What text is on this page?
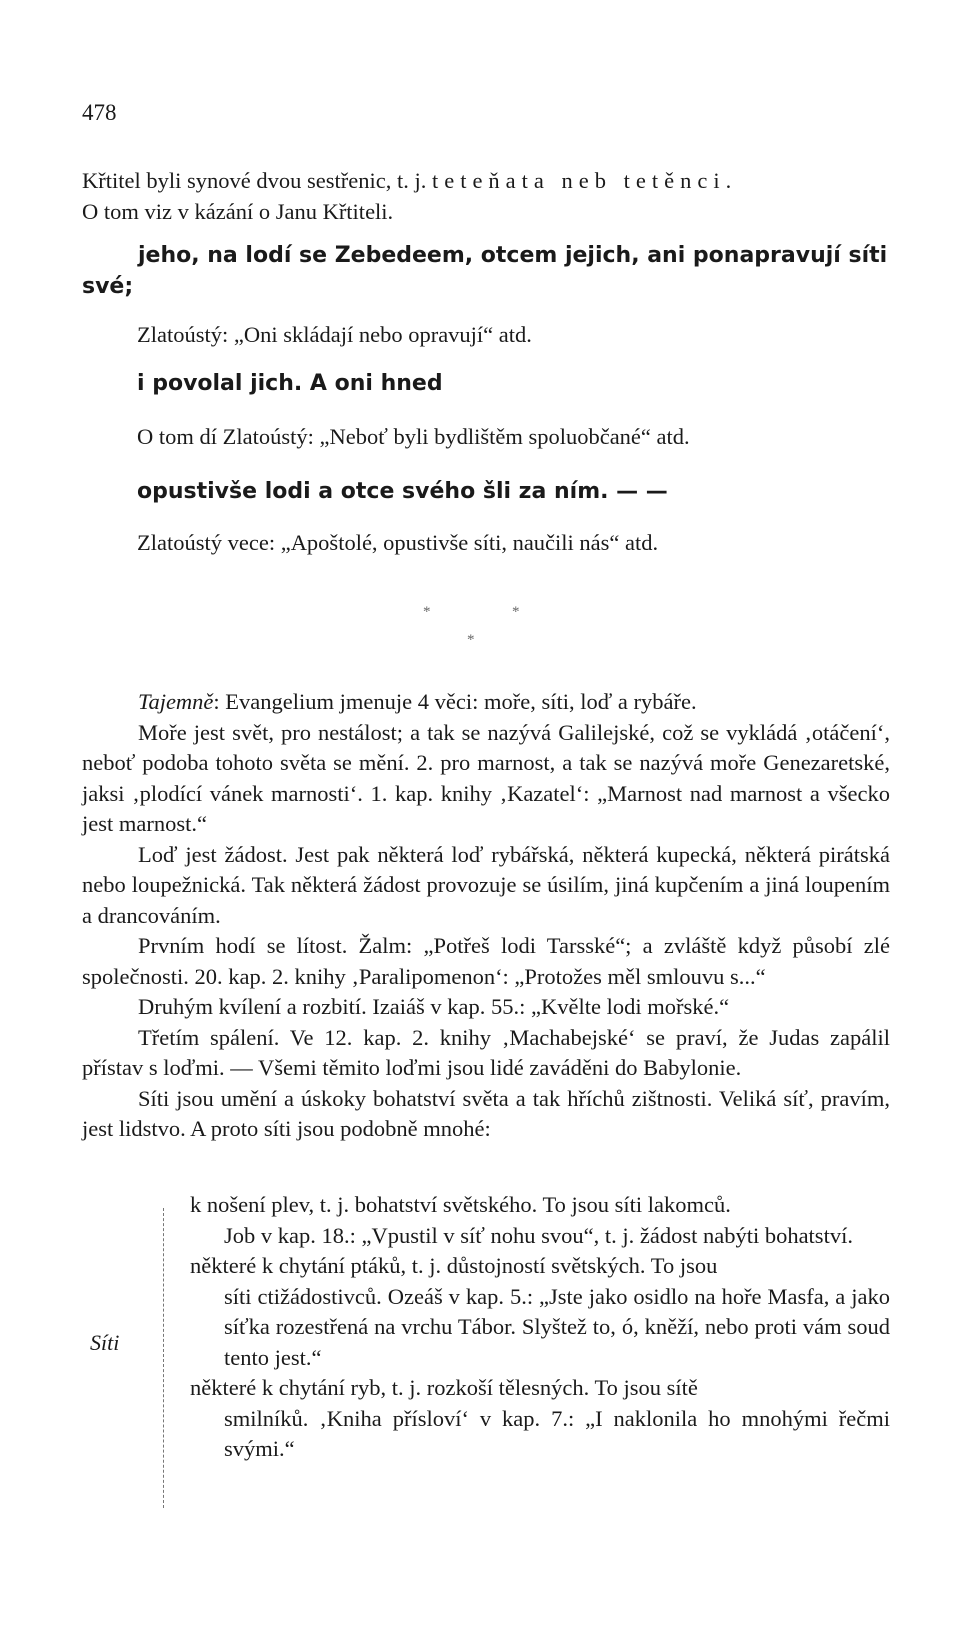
478
Křtitel byli synové dvou sestřenic, t. j. teteňata neb tetěnci.
O tom viz v kázání o Janu Křtiteli.
jeho, na lodí se Zebedeem, otcem jejich, ani ponapravují síti své;
Zlatoústý: „Oni skládají nebo opravují“ atd.
i povolal jich. A oni hned
O tom dí Zlatoústý: „Neboť byli bydlištěm spoluobčané“ atd.
opustivše lodi a otce svého šli za ním. — —
Zlatoústý vece: „Apoštolé, opustivše síti, naučili nás“ atd.
*	*
*

Tajemně: Evangelium jmenuje 4 věci: moře, síti, loď a rybáře.

Moře jest svět, pro nestálost; a tak se nazývá Galilejské, což se vykládá ‚otáčení‘, neboť podoba tohoto světa se mění. 2. pro marnost, a tak se nazývá moře Genezaretské, jaksi ‚plodící vánek marnosti‘. 1. kap. knihy ‚Kazatel‘: „Marnost nad marnost a všecko jest marnost.“

Loď jest žádost. Jest pak některá loď rybářská, některá kupecká, některá pirátská nebo loupežnická. Tak některá žádost provozuje se úsilím, jiná kupčením a jiná loupením a drancováním.

Prvním hodí se lítost. Žalm: „Potřeš lodi Tarsské“; a zvláště když působí zlé společnosti. 20. kap. 2. knihy ‚Paralipomenon‘: „Protožes měl smlouvu s...“

Druhým kvílení a rozbití. Izaiáš v kap. 55.: „Kvělte lodi mořské.“

Třetím spálení. Ve 12. kap. 2. knihy ‚Machabejské‘ se praví, že Judas zapálil přístav s loďmi. — Všemi těmito loďmi jsou lidé zaváděni do Babylonie.

Síti jsou umění a úskoky bohatství světa a tak hříchů zištnosti. Veliká síť, pravím, jest lidstvo. A proto síti jsou podobně mnohé:

Síti

k nošení plev, t. j. bohatství světského. To jsou síti lakomců.

Job v kap. 18.: „Vpustil v síť nohu svou“, t. j. žádost nabýti bohatství.

některé k chytání ptáků, t. j. důstojností světských. To jsou

síti ctižádostivců. Ozeáš v kap. 5.: „Jste jako osidlo na hoře Masfa, a jako síťka rozestřená na vrchu Tábor. Slyštež to, ó, kněží, nebo proti vám soud tento jest.“

některé k chytání ryb, t. j. rozkoší tělesných. To jsou sítě

smilníků. ‚Kniha přísloví‘ v kap. 7.: „I naklonila ho mnohými řečmi svými.“
